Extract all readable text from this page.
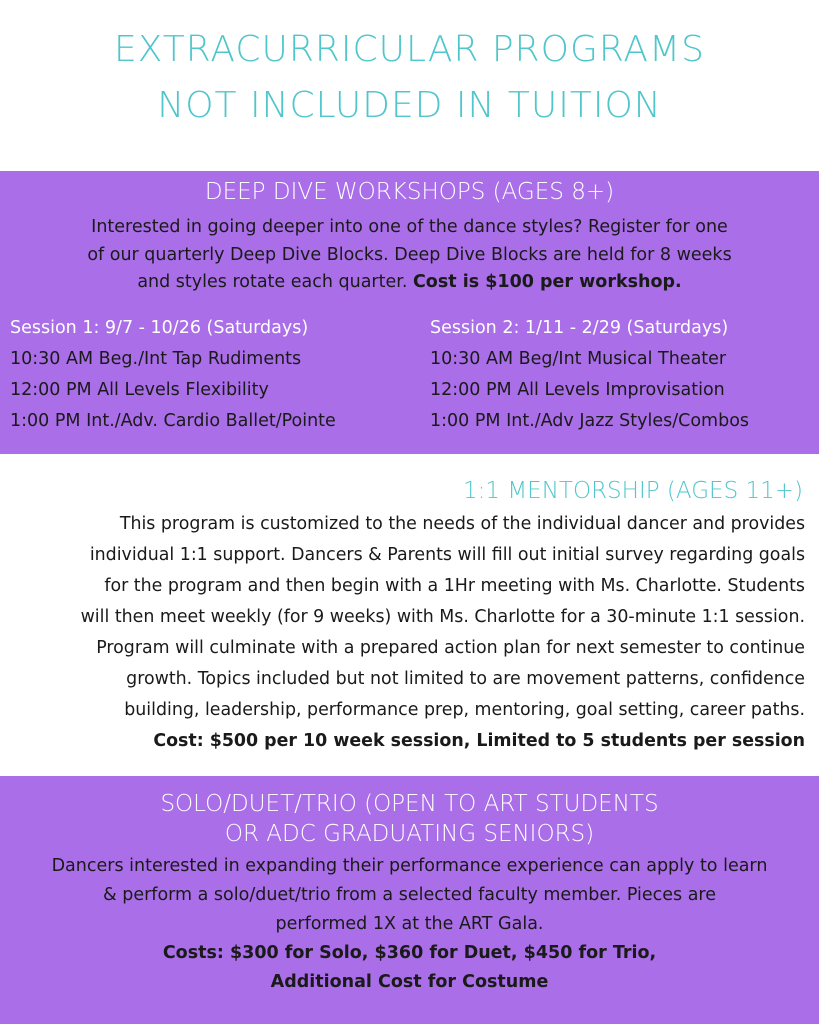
EXTRACURRICULAR PROGRAMS
NOT INCLUDED IN TUITION
DEEP DIVE WORKSHOPS (AGES 8+)
Interested in going deeper into one of the dance styles? Register for one
of our quarterly Deep Dive Blocks. Deep Dive Blocks are held for 8 weeks
and styles rotate each quarter. Cost is $100 per workshop.
Session 1: 9/7 - 10/26 (Saturdays)
10:30 AM Beg./Int Tap Rudiments
12:00 PM All Levels Flexibility
1:00 PM Int./Adv. Cardio Ballet/Pointe
Session 2: 1/11 - 2/29 (Saturdays)
10:30 AM Beg/Int Musical Theater
12:00 PM All Levels Improvisation
1:00 PM Int./Adv Jazz Styles/Combos
1:1 MENTORSHIP (AGES 11+)
This program is customized to the needs of the individual dancer and provides
individual 1:1 support. Dancers & Parents will fill out initial survey regarding goals
for the program and then begin with a 1Hr meeting with Ms. Charlotte. Students
will then meet weekly (for 9 weeks) with Ms. Charlotte for a 30-minute 1:1 session.
Program will culminate with a prepared action plan for next semester to continue
growth. Topics included but not limited to are movement patterns, confidence
building, leadership, performance prep, mentoring, goal setting, career paths.
Cost: $500 per 10 week session, Limited to 5 students per session
SOLO/DUET/TRIO (OPEN TO ART STUDENTS
OR ADC GRADUATING SENIORS)
Dancers interested in expanding their performance experience can apply to learn
& perform a solo/duet/trio from a selected faculty member. Pieces are
performed 1X at the ART Gala.
Costs: $300 for Solo, $360 for Duet, $450 for Trio,
Additional Cost for Costume
